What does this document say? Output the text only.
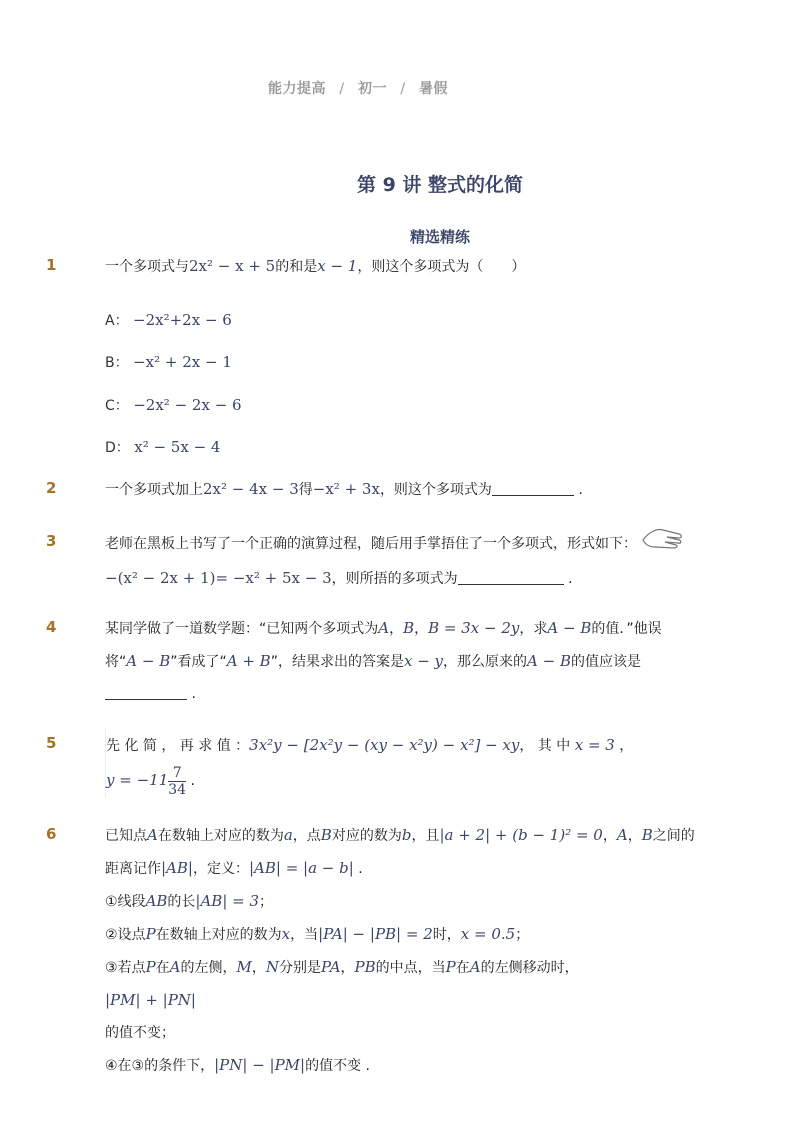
能力提高 / 初一 / 暑假
第 9 讲 整式的化简
精选精练
1	一个多项式与2x² − x + 5的和是x − 1，则这个多项式为（　　）
A： −2x²+2x − 6
B： −x² + 2x − 1
C： −2x² − 2x − 6
D： x² − 5x − 4
2	一个多项式加上2x² − 4x − 3得−x² + 3x，则这个多项式为	.
3	老师在黑板上书写了一个正确的演算过程，随后用手掌捂住了一个多项式，形式如下：
−(x² − 2x + 1)= −x² + 5x − 3，则所捂的多项式为	.
4	某同学做了一道数学题：“已知两个多项式为A，B，B = 3x − 2y，求A − B的值．”他误
将“A − B”看成了“A + B”，结果求出的答案是x − y，那么原来的A − B的值应该是
.
5	先 化 简 ， 再 求 值 ：3x²y − [2x²y − (xy − x²y) − x²] − xy， 其 中 x = 3 ，
$y = -11 \frac{7}{34}$ .
6	已知点A在数轴上对应的数为a，点B对应的数为b，且|a + 2| + (b − 1)² = 0，A，B之间的
距离记作|AB|，定义：|AB| = |a − b| .
①线段AB的长|AB| = 3；
②设点P在数轴上对应的数为x，当|PA| − |PB| = 2时，x = 0.5；
③若点P在A的左侧，M，N分别是PA，PB的中点，当P在A的左侧移动时，
|PM| + |PN|
的值不变；
④在③的条件下，|PN| − |PM|的值不变 .
